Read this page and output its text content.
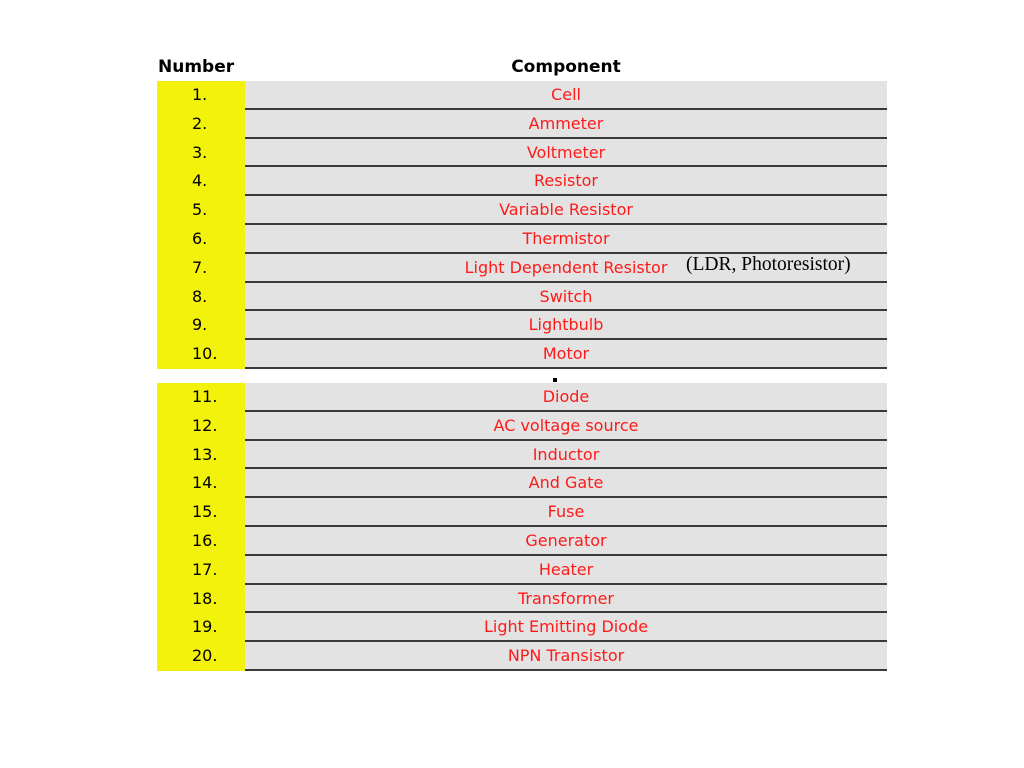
Number	Component
1.	Cell
2.	Ammeter
3.	Voltmeter
4.	Resistor
5.	Variable Resistor
6.	Thermistor
7.	Light Dependent Resistor
8.	Switch
9.	Lightbulb
10.	Motor
11.	Diode
12.	AC voltage source
13.	Inductor
14.	And Gate
15.	Fuse
16.	Generator
17.	Heater
18.	Transformer
19.	Light Emitting Diode
20.	NPN Transistor
(LDR, Photoresistor)
